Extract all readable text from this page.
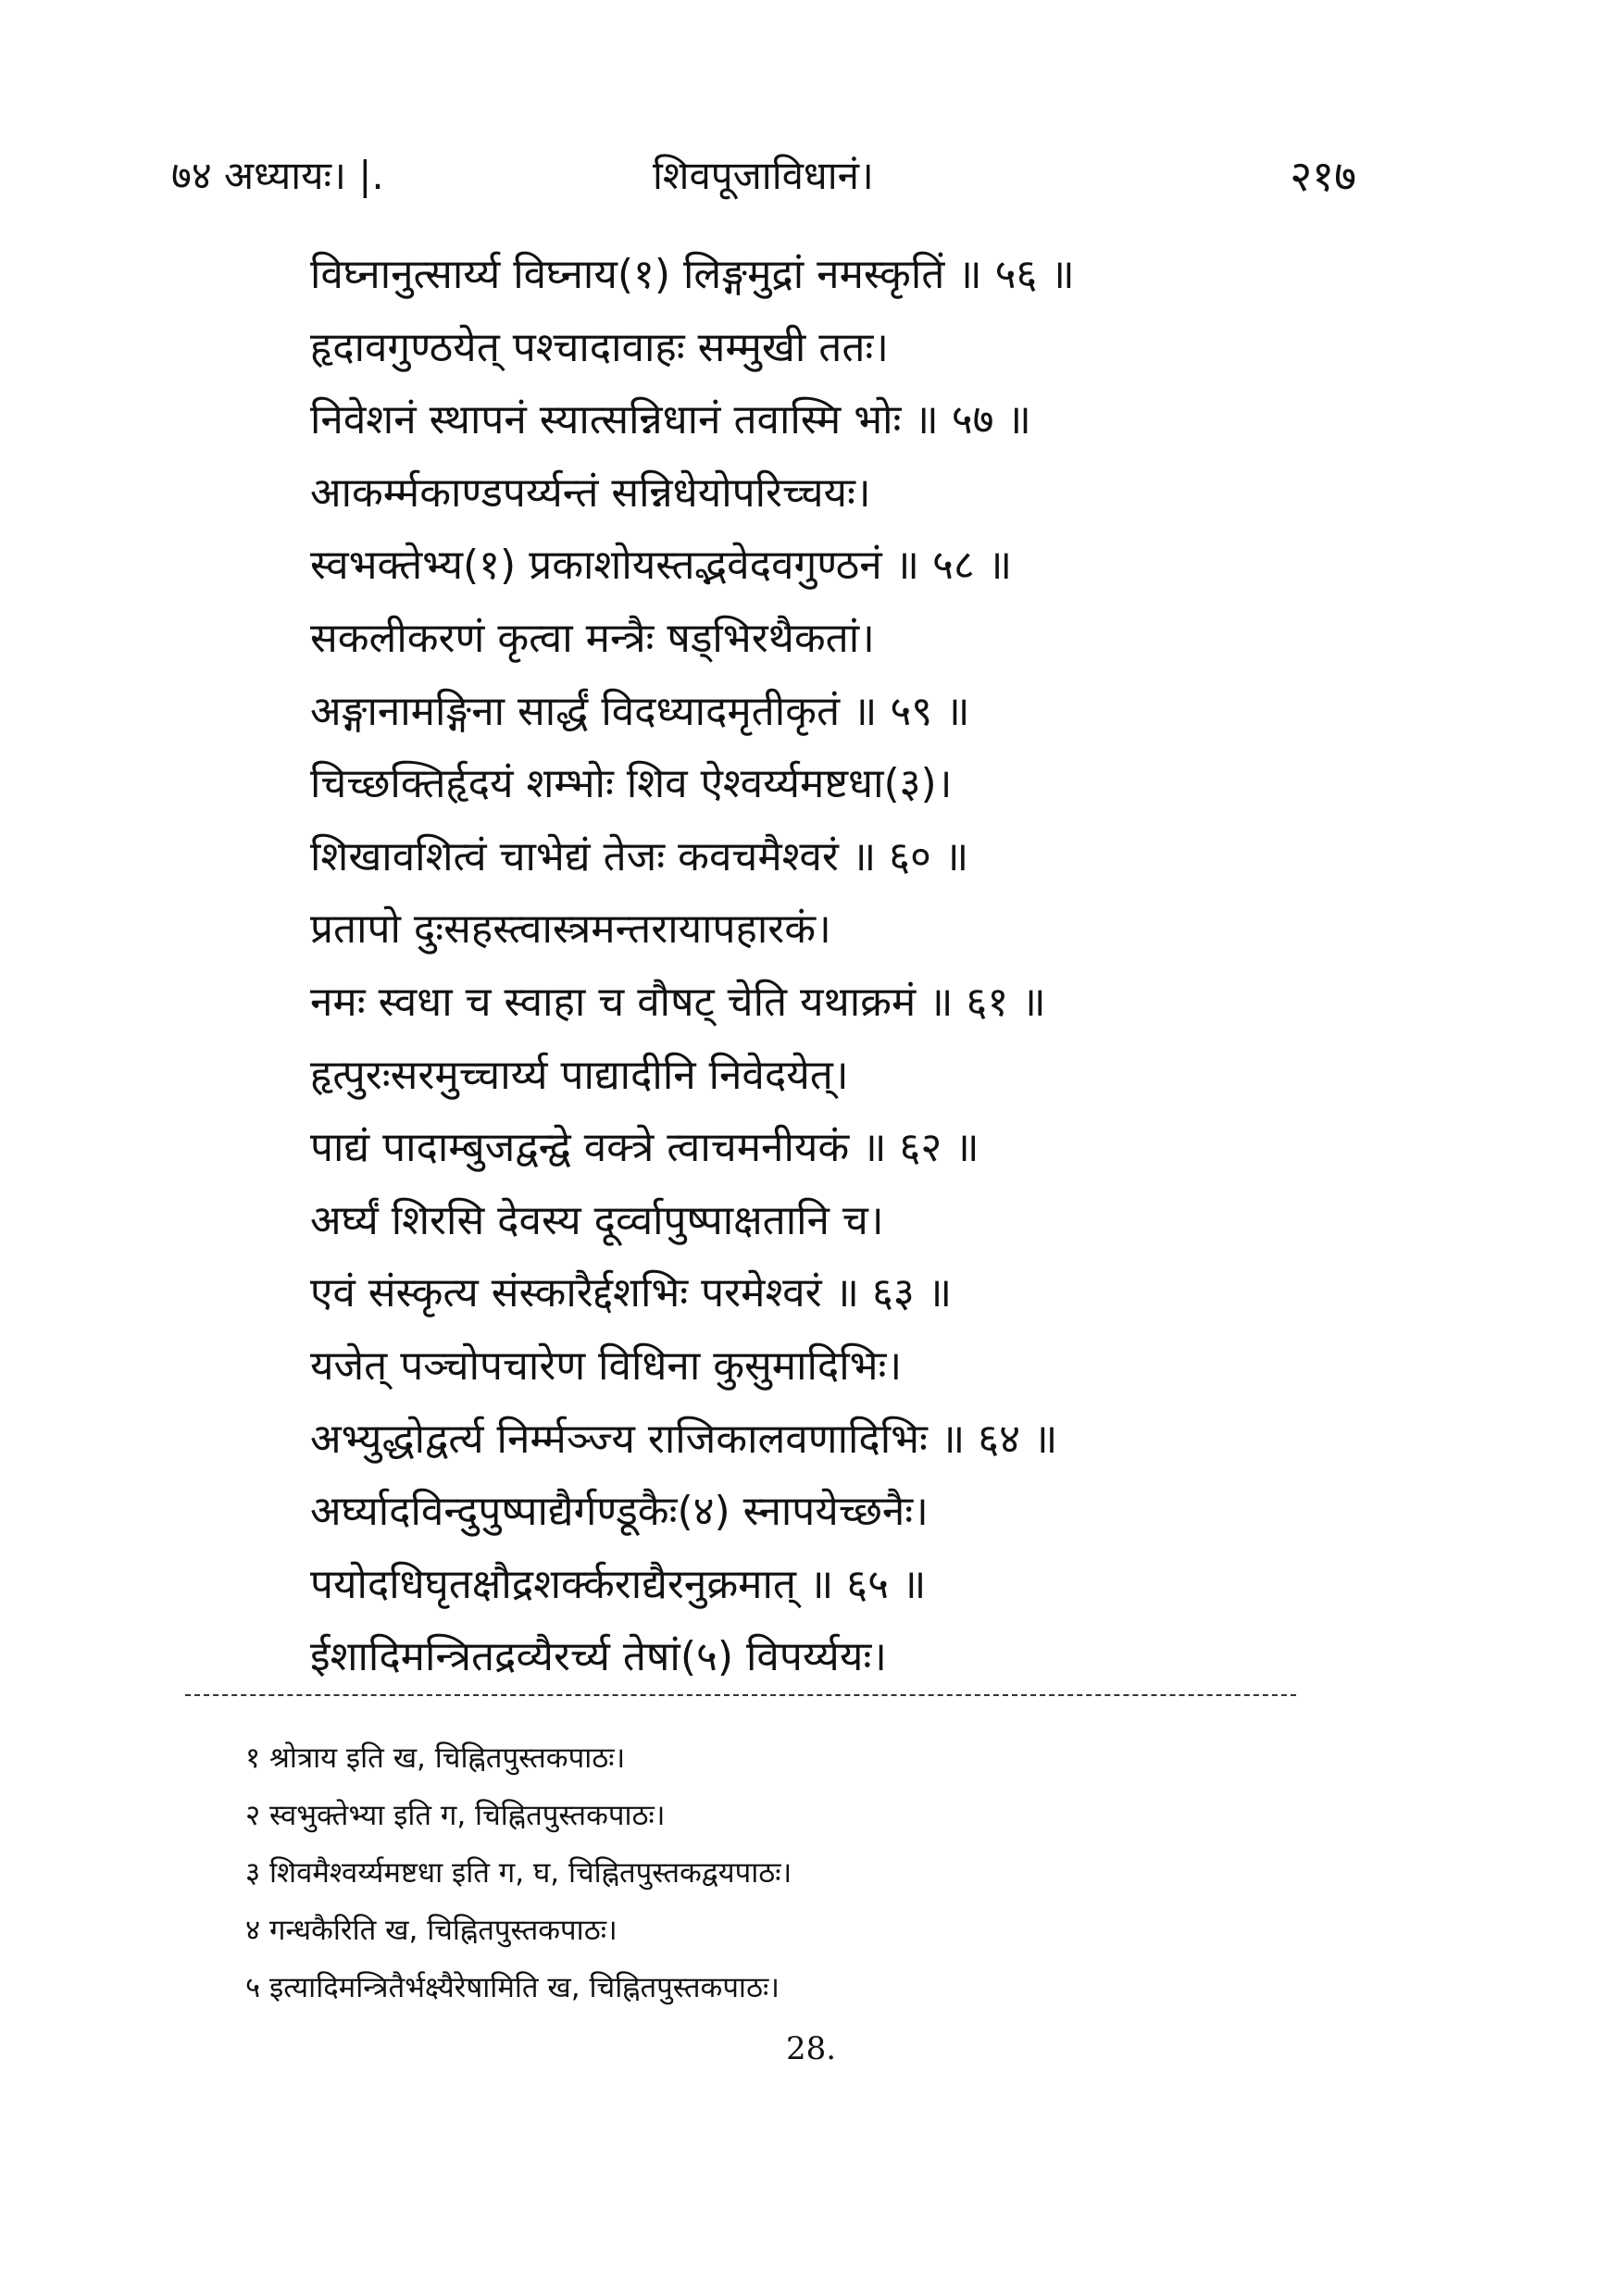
७४ अध्यायः। |.	शिवपूजाविधानं।	२१७
विघ्नानुत्सार्य्य विघ्नाय(१) लिङ्गमुद्रां नमस्कृतिं ॥ ५६ ॥
हृदावगुण्ठयेत् पश्चादावाहः सम्मुखी ततः।
निवेशनं स्थापनं स्यात्सन्निधानं तवास्मि भोः ॥ ५७ ॥
आकर्म्मकाण्डपर्य्यन्तं सन्निधेयोपरिच्चयः।
स्वभक्तेभ्य(१) प्रकाशोयस्तद्भवेदवगुण्ठनं ॥ ५८ ॥
सकलीकरणं कृत्वा मन्त्रैः षड्भिरथैकतां।
अङ्गानामङ्गिना सार्द्धं विदध्यादमृतीकृतं ॥ ५९ ॥
चिच्छक्तिर्हृदयं शम्भोः शिव ऐश्वर्य्यमष्टधा(३)।
शिखावशित्वं चाभेद्यं तेजः कवचमैश्वरं ॥ ६० ॥
प्रतापो दुःसहस्त्वास्त्रमन्तरायापहारकं।
नमः स्वधा च स्वाहा च वौषट् चेति यथाक्रमं ॥ ६१ ॥
हृत्पुरःसरमुच्चार्य्य पाद्यादीनि निवेदयेत्।
पाद्यं पादाम्बुजद्वन्द्वे वक्त्रे त्वाचमनीयकं ॥ ६२ ॥
अर्घ्यं शिरसि देवस्य दूर्व्वापुष्पाक्षतानि च।
एवं संस्कृत्य संस्कारैर्द्दशभिः परमेश्वरं ॥ ६३ ॥
यजेत् पञ्चोपचारेण विधिना कुसुमादिभिः।
अभ्युद्धोद्वर्त्य निर्म्मञ्ज्य राजिकालवणादिभिः ॥ ६४ ॥
अर्घ्यादविन्दुपुष्पाद्यैर्गण्डूकैः(४) स्नापयेच्छनैः।
पयोदधिघृतक्षौद्रशर्क्कराद्यैरनुक्रमात् ॥ ६५ ॥
ईशादिमन्त्रितद्रव्यैरर्च्य तेषां(५) विपर्य्ययः।
१ श्रोत्राय इति ख, चिह्नितपुस्तकपाठः।
२ स्वभुक्तेभ्या इति ग, चिह्नितपुस्तकपाठः।
३ शिवमैश्वर्य्यमष्टधा इति ग, घ, चिह्नितपुस्तकद्वयपाठः।
४ गन्धकैरिति ख, चिह्नितपुस्तकपाठः।
५ इत्यादिमन्त्रितैर्भक्ष्यैरेषामिति ख, चिह्नितपुस्तकपाठः।
28.
